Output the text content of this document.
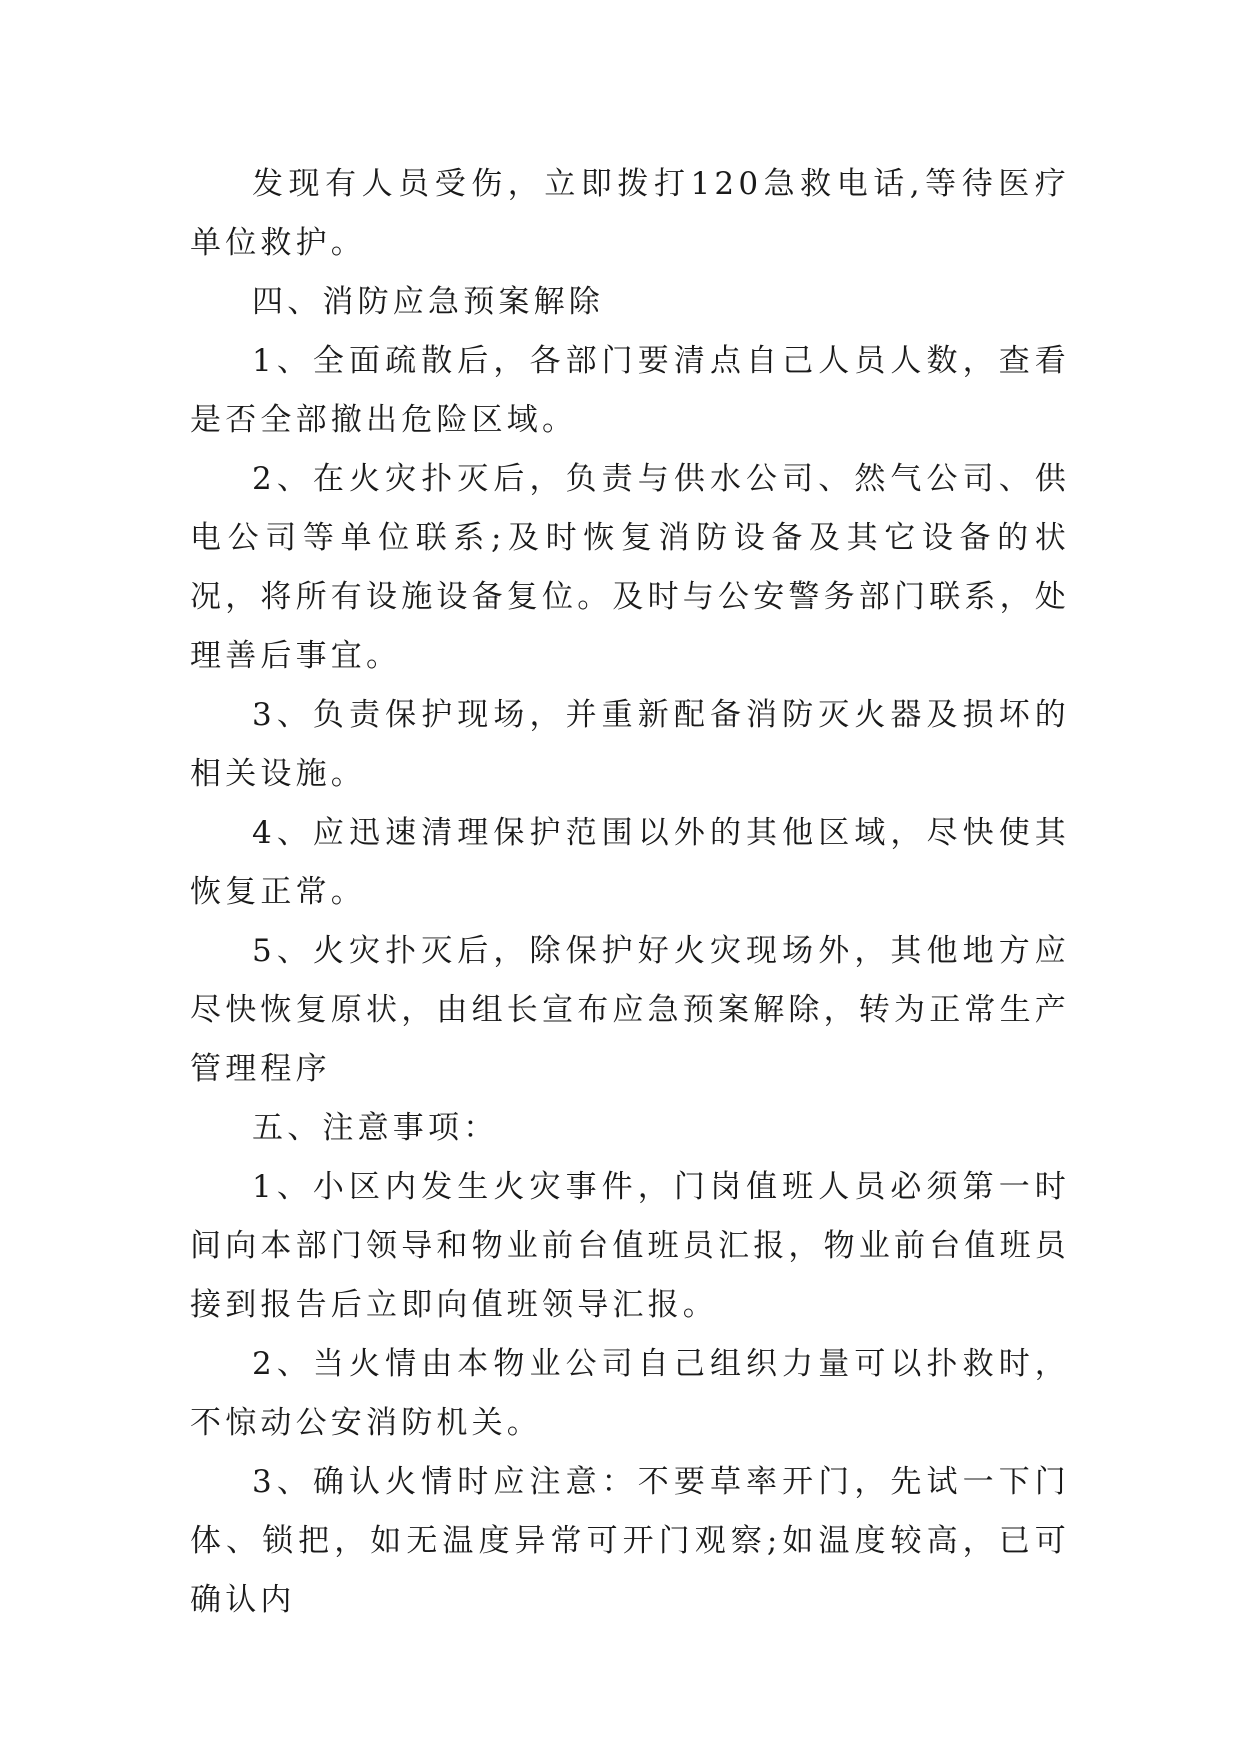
发现有人员受伤，立即拨打120急救电话,等待医疗单位救护。

四、消防应急预案解除

1、全面疏散后，各部门要清点自己人员人数，查看是否全部撤出危险区域。

2、在火灾扑灭后，负责与供水公司、然气公司、供电公司等单位联系;及时恢复消防设备及其它设备的状况，将所有设施设备复位。及时与公安警务部门联系，处理善后事宜。

3、负责保护现场，并重新配备消防灭火器及损坏的相关设施。

4、应迅速清理保护范围以外的其他区域，尽快使其恢复正常。

5、火灾扑灭后，除保护好火灾现场外，其他地方应尽快恢复原状，由组长宣布应急预案解除，转为正常生产管理程序

五、注意事项：

1、小区内发生火灾事件，门岗值班人员必须第一时间向本部门领导和物业前台值班员汇报，物业前台值班员接到报告后立即向值班领导汇报。

2、当火情由本物业公司自己组织力量可以扑救时，不惊动公安消防机关。

3、确认火情时应注意：不要草率开门，先试一下门体、锁把，如无温度异常可开门观察;如温度较高，已可确认内
